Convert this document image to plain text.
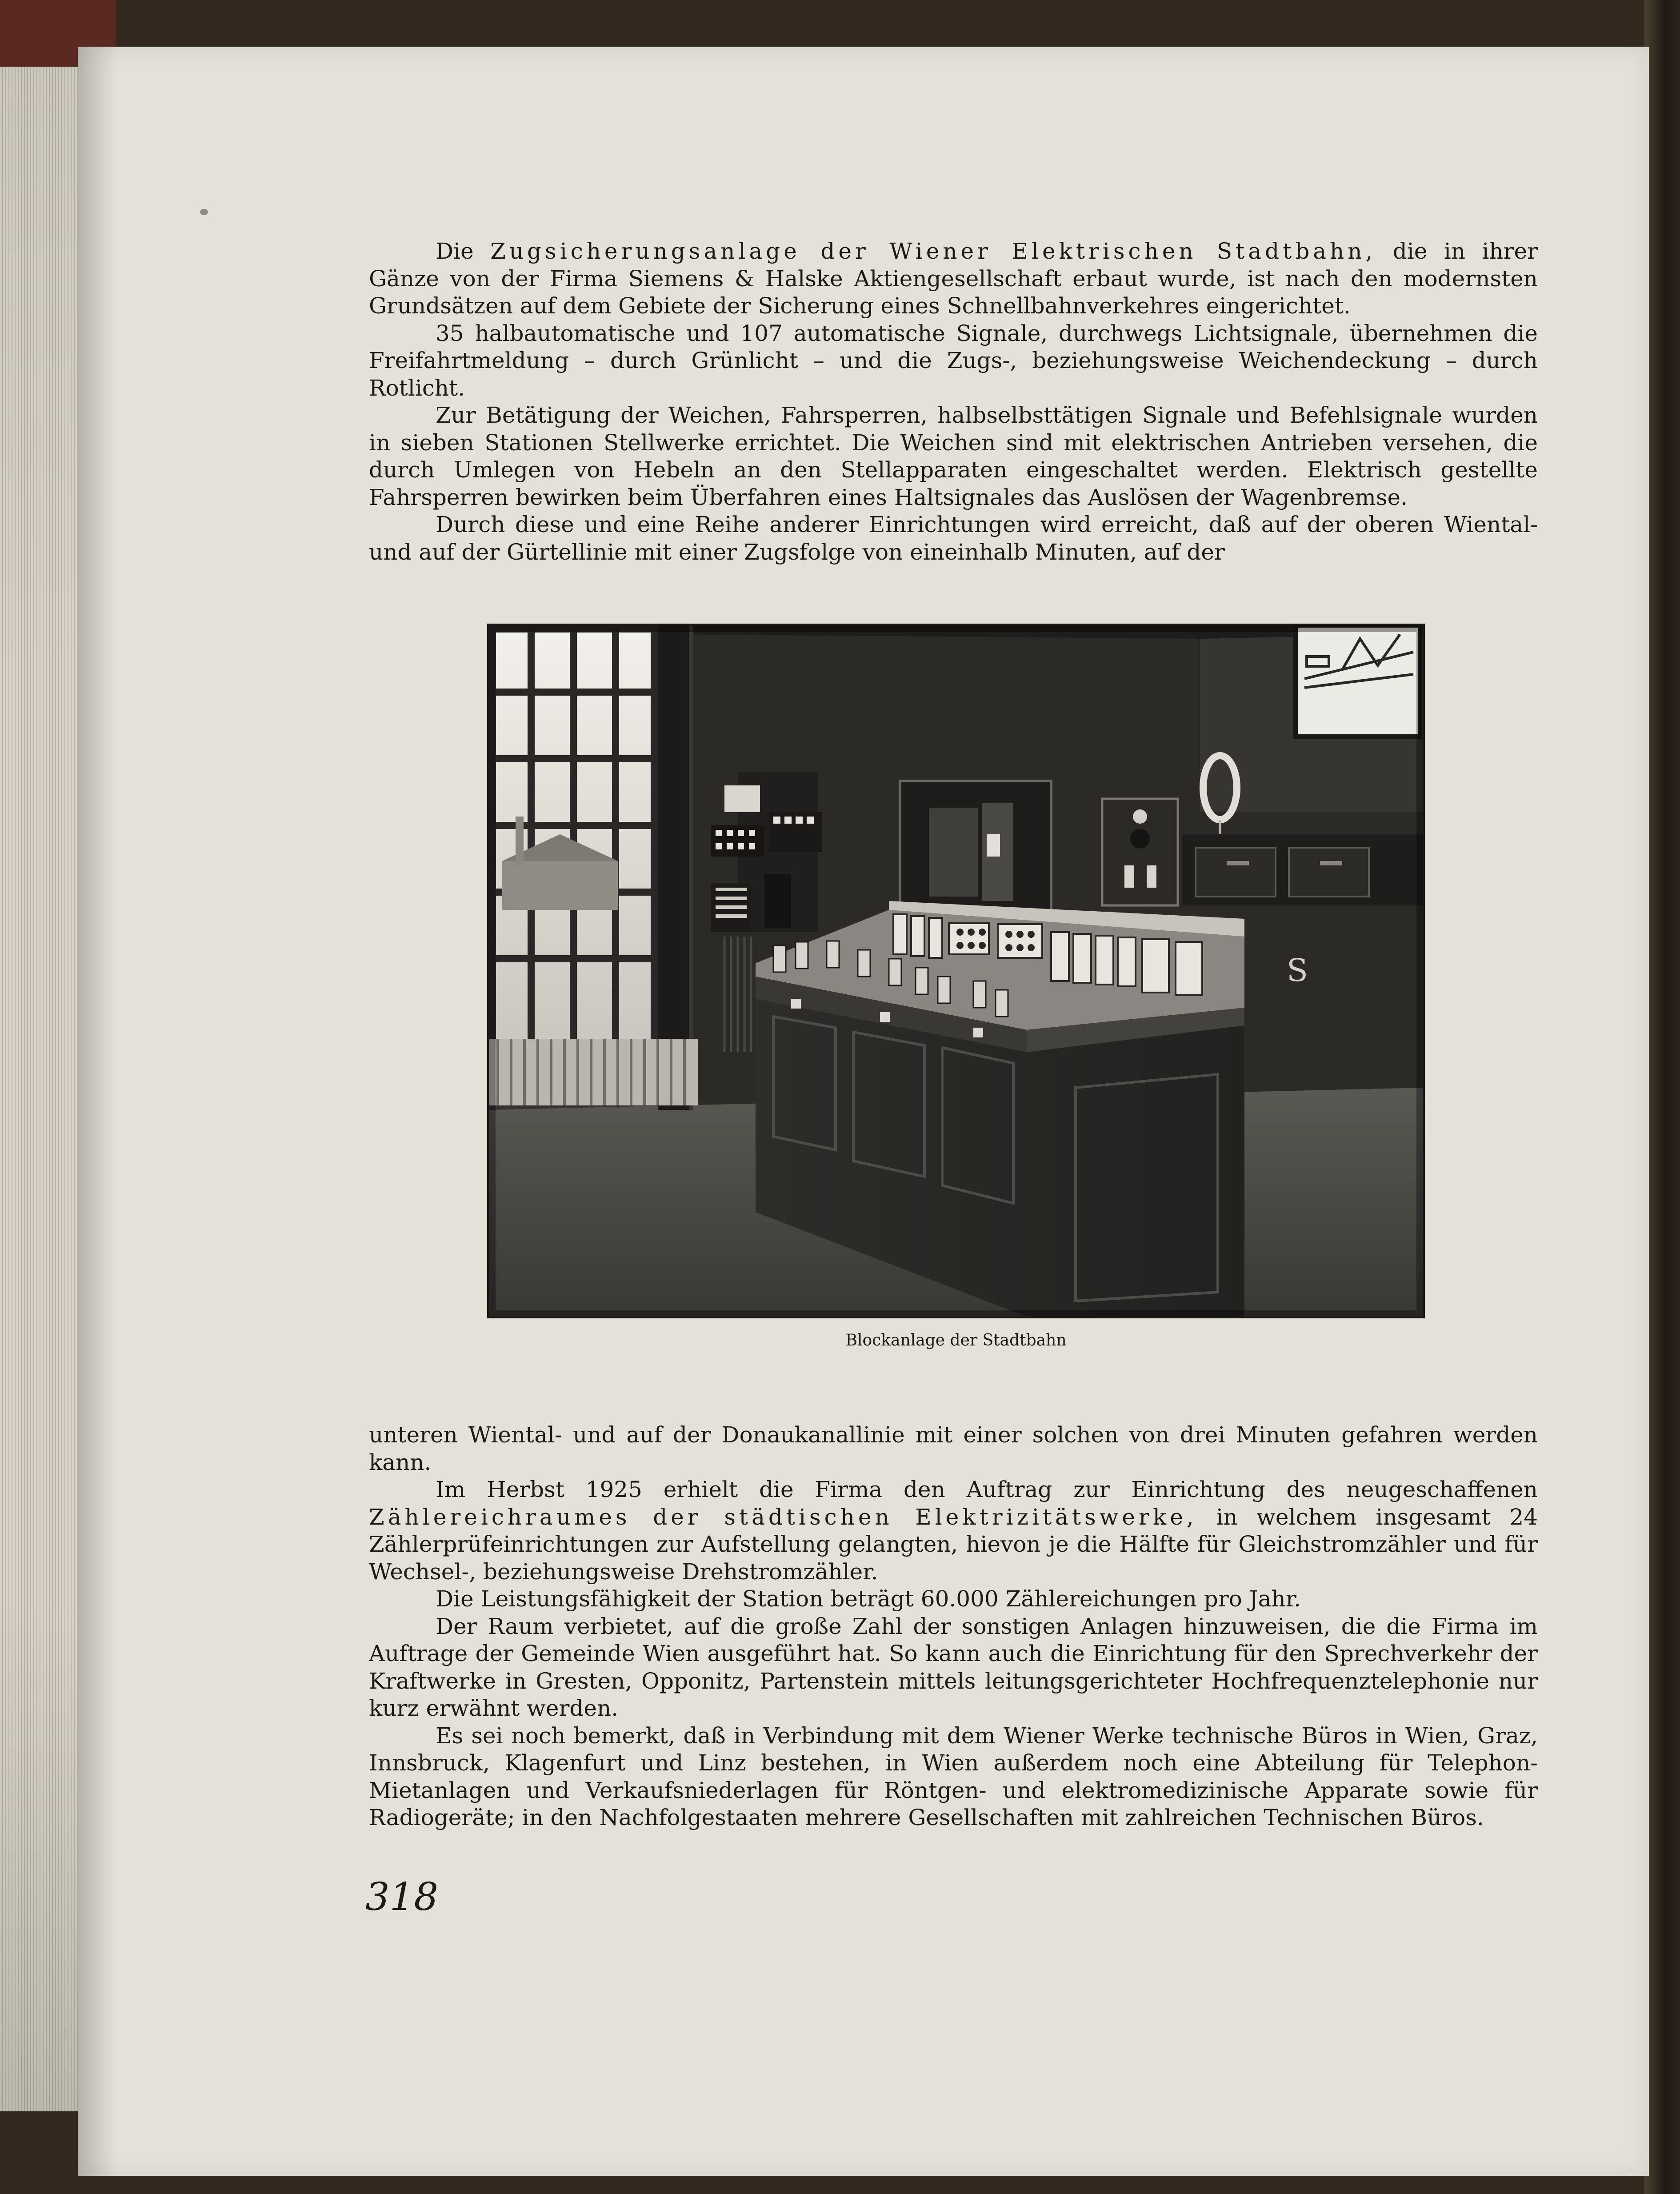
Die Zugsicherungsanlage der Wiener Elektrischen Stadtbahn, die in ihrer Gänze von der Firma Siemens & Halske Aktiengesellschaft erbaut wurde, ist nach den modernsten Grundsätzen auf dem Gebiete der Sicherung eines Schnellbahnverkehres eingerichtet.

35 halbautomatische und 107 automatische Signale, durchwegs Lichtsignale, übernehmen die Freifahrtmeldung – durch Grünlicht – und die Zugs-, beziehungsweise Weichendeckung – durch Rotlicht.

Zur Betätigung der Weichen, Fahrsperren, halbselbsttätigen Signale und Befehlsignale wurden in sieben Stationen Stellwerke errichtet. Die Weichen sind mit elektrischen Antrieben versehen, die durch Umlegen von Hebeln an den Stellapparaten eingeschaltet werden. Elektrisch gestellte Fahrsperren bewirken beim Überfahren eines Haltsignales das Auslösen der Wagenbremse.

Durch diese und eine Reihe anderer Einrichtungen wird erreicht, daß auf der oberen Wiental- und auf der Gürtellinie mit einer Zugsfolge von eineinhalb Minuten, auf der

S
Blockanlage der Stadtbahn

unteren Wiental- und auf der Donaukanallinie mit einer solchen von drei Minuten gefahren werden kann.

Im Herbst 1925 erhielt die Firma den Auftrag zur Einrichtung des neugeschaffenen Zählereichraumes der städtischen Elektrizitätswerke, in welchem insgesamt 24 Zählerprüfeinrichtungen zur Aufstellung gelangten, hievon je die Hälfte für Gleichstromzähler und für Wechsel-, beziehungsweise Drehstromzähler.

Die Leistungsfähigkeit der Station beträgt 60.000 Zählereichungen pro Jahr.

Der Raum verbietet, auf die große Zahl der sonstigen Anlagen hinzuweisen, die die Firma im Auftrage der Gemeinde Wien ausgeführt hat. So kann auch die Einrichtung für den Sprechverkehr der Kraftwerke in Gresten, Opponitz, Partenstein mittels leitungsgerichteter Hochfrequenztelephonie nur kurz erwähnt werden.

Es sei noch bemerkt, daß in Verbindung mit dem Wiener Werke technische Büros in Wien, Graz, Innsbruck, Klagenfurt und Linz bestehen, in Wien außerdem noch eine Abteilung für Telephon-Mietanlagen und Verkaufsniederlagen für Röntgen- und elektromedizinische Apparate sowie für Radiogeräte; in den Nachfolgestaaten mehrere Gesellschaften mit zahlreichen Technischen Büros.

318
